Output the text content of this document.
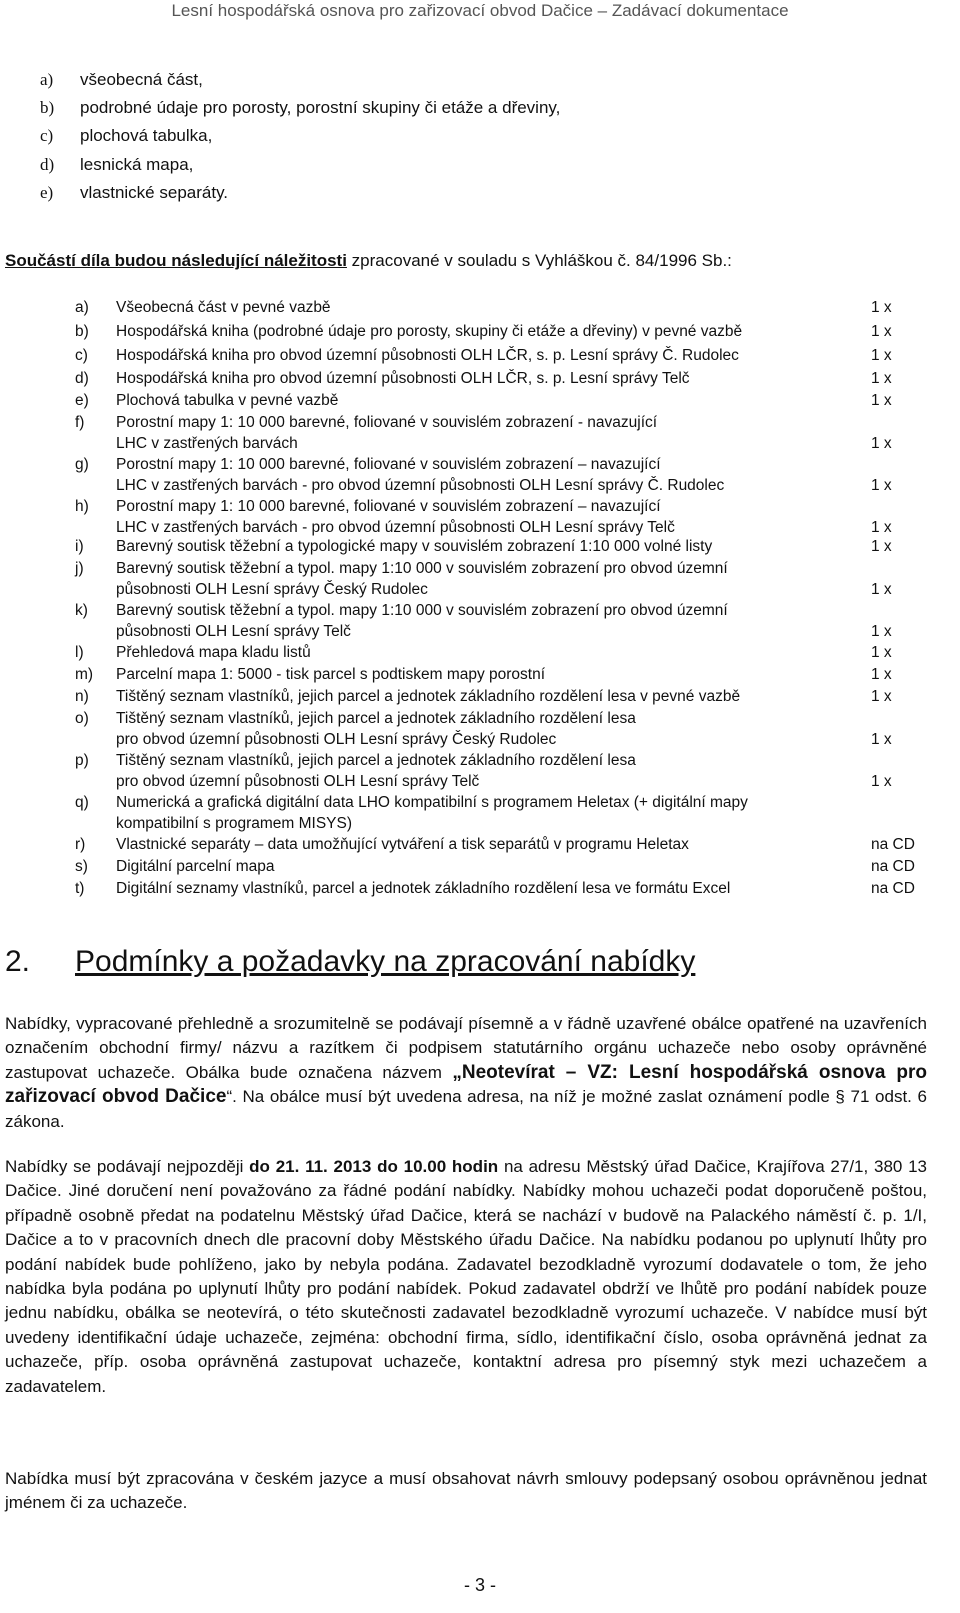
Lesní hospodářská osnova pro zařizovací obvod Dačice – Zadávací dokumentace
a)	všeobecná část,
b)	podrobné údaje pro porosty, porostní skupiny či etáže a dřeviny,
c)	plochová tabulka,
d)	lesnická mapa,
e)	vlastnické separáty.
Součástí díla budou následující náležitosti zpracované v souladu s Vyhláškou č. 84/1996 Sb.:
a) Všeobecná část v pevné vazbě	1 x
b) Hospodářská kniha (podrobné údaje pro porosty, skupiny či etáže a dřeviny) v pevné vazbě	1 x
c) Hospodářská kniha pro obvod územní působnosti OLH LČR, s. p. Lesní správy Č. Rudolec	1 x
d) Hospodářská kniha pro obvod územní působnosti OLH LČR, s. p. Lesní správy Telč	1 x
e) Plochová tabulka v pevné vazbě	1 x
f) Porostní mapy 1: 10 000 barevné, foliované v souvislém zobrazení - navazující
LHC v zastřených barvách	1 x
g) Porostní mapy 1: 10 000 barevné, foliované v souvislém zobrazení – navazující
LHC v zastřených barvách - pro obvod územní působnosti OLH Lesní správy Č. Rudolec	1 x
h) Porostní mapy 1: 10 000 barevné, foliované v souvislém zobrazení – navazující
LHC v zastřených barvách - pro obvod územní působnosti OLH Lesní správy Telč	1 x
i) Barevný soutisk těžební a typologické mapy v souvislém zobrazení 1:10 000 volné listy	1 x
j) Barevný soutisk těžební a typol. mapy 1:10 000 v souvislém zobrazení pro obvod územní
působnosti OLH Lesní správy Český Rudolec	1 x
k) Barevný soutisk těžební a typol. mapy 1:10 000 v souvislém zobrazení pro obvod územní
působnosti OLH Lesní správy Telč	1 x
l) Přehledová mapa kladu listů	1 x
m) Parcelní mapa 1: 5000 - tisk parcel s podtiskem mapy porostní	1 x
n) Tištěný seznam vlastníků, jejich parcel a jednotek základního rozdělení lesa v pevné vazbě	1 x
o) Tištěný seznam vlastníků, jejich parcel a jednotek základního rozdělení lesa
pro obvod územní působnosti OLH Lesní správy Český Rudolec	1 x
p) Tištěný seznam vlastníků, jejich parcel a jednotek základního rozdělení lesa
pro obvod územní působnosti OLH Lesní správy Telč	1 x
q) Numerická a grafická digitální data LHO kompatibilní s programem Heletax (+ digitální mapy
kompatibilní s programem MISYS)
r) Vlastnické separáty – data umožňující vytváření a tisk separátů v programu Heletax	na CD
s) Digitální parcelní mapa	na CD
t) Digitální seznamy vlastníků, parcel a jednotek základního rozdělení lesa ve formátu Excel	na CD
2. Podmínky a požadavky na zpracování nabídky
Nabídky, vypracované přehledně a srozumitelně se podávají písemně a v řádně uzavřené obálce opatřené na uzavřeních označením obchodní firmy/ názvu a razítkem či podpisem statutárního orgánu uchazeče nebo osoby oprávněné zastupovat uchazeče. Obálka bude označena názvem „Neotevírat – VZ: Lesní hospodářská osnova pro zařizovací obvod Dačice“. Na obálce musí být uvedena adresa, na níž je možné zaslat oznámení podle § 71 odst. 6 zákona.
Nabídky se podávají nejpozději do 21. 11. 2013 do 10.00 hodin na adresu Městský úřad Dačice, Krajířova 27/1, 380 13 Dačice. Jiné doručení není považováno za řádné podání nabídky. Nabídky mohou uchazeči podat doporučeně poštou, případně osobně předat na podatelnu Městský úřad Dačice, která se nachází v budově na Palackého náměstí č. p. 1/I, Dačice a to v pracovních dnech dle pracovní doby Městského úřadu Dačice. Na nabídku podanou po uplynutí lhůty pro podání nabídek bude pohlíženo, jako by nebyla podána. Zadavatel bezodkladně vyrozumí dodavatele o tom, že jeho nabídka byla podána po uplynutí lhůty pro podání nabídek. Pokud zadavatel obdrží ve lhůtě pro podání nabídek pouze jednu nabídku, obálka se neotevírá, o této skutečnosti zadavatel bezodkladně vyrozumí uchazeče. V nabídce musí být uvedeny identifikační údaje uchazeče, zejména: obchodní firma, sídlo, identifikační číslo, osoba oprávněná jednat za uchazeče, příp. osoba oprávněná zastupovat uchazeče, kontaktní adresa pro písemný styk mezi uchazečem a zadavatelem.
Nabídka musí být zpracována v českém jazyce a musí obsahovat návrh smlouvy podepsaný osobou oprávněnou jednat jménem či za uchazeče.
- 3 -
